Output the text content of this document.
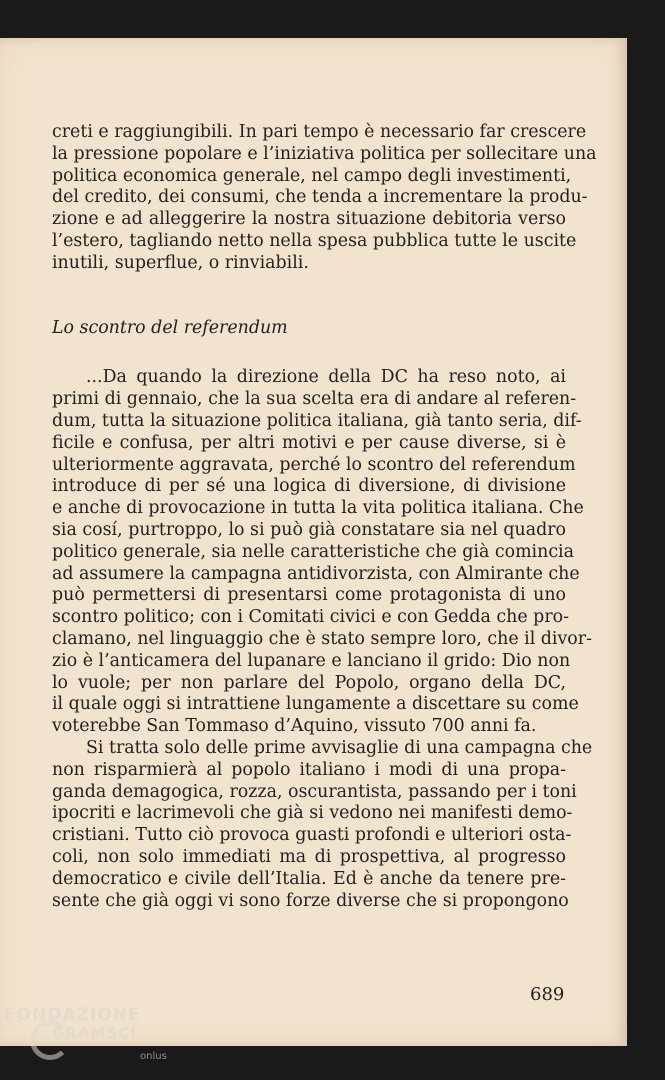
creti e raggiungibili. In pari tempo è necessario far crescere
la pressione popolare e l’iniziativa politica per sollecitare una
politica economica generale, nel campo degli investimenti,
del credito, dei consumi, che tenda a incrementare la produ-
zione e ad alleggerire la nostra situazione debitoria verso
l’estero, tagliando netto nella spesa pubblica tutte le uscite
inutili, superflue, o rinviabili.
Lo scontro del referendum
...Da quando la direzione della DC ha reso noto, ai
primi di gennaio, che la sua scelta era di andare al referen-
dum, tutta la situazione politica italiana, già tanto seria, dif-
ficile e confusa, per altri motivi e per cause diverse, si è
ulteriormente aggravata, perché lo scontro del referendum
introduce di per sé una logica di diversione, di divisione
e anche di provocazione in tutta la vita politica italiana. Che
sia cosí, purtroppo, lo si può già constatare sia nel quadro
politico generale, sia nelle caratteristiche che già comincia
ad assumere la campagna antidivorzista, con Almirante che
può permettersi di presentarsi come protagonista di uno
scontro politico; con i Comitati civici e con Gedda che pro-
clamano, nel linguaggio che è stato sempre loro, che il divor-
zio è l’anticamera del lupanare e lanciano il grido: Dio non
lo vuole; per non parlare del Popolo, organo della DC,
il quale oggi si intrattiene lungamente a discettare su come
voterebbe San Tommaso d’Aquino, vissuto 700 anni fa.
Si tratta solo delle prime avvisaglie di una campagna che
non risparmierà al popolo italiano i modi di una propa-
ganda demagogica, rozza, oscurantista, passando per i toni
ipocriti e lacrimevoli che già si vedono nei manifesti demo-
cristiani. Tutto ciò provoca guasti profondi e ulteriori osta-
coli, non solo immediati ma di prospettiva, al progresso
democratico e civile dell’Italia. Ed è anche da tenere pre-
sente che già oggi vi sono forze diverse che si propongono
689
FONDAZIONE
GRAMSCI
onlus
